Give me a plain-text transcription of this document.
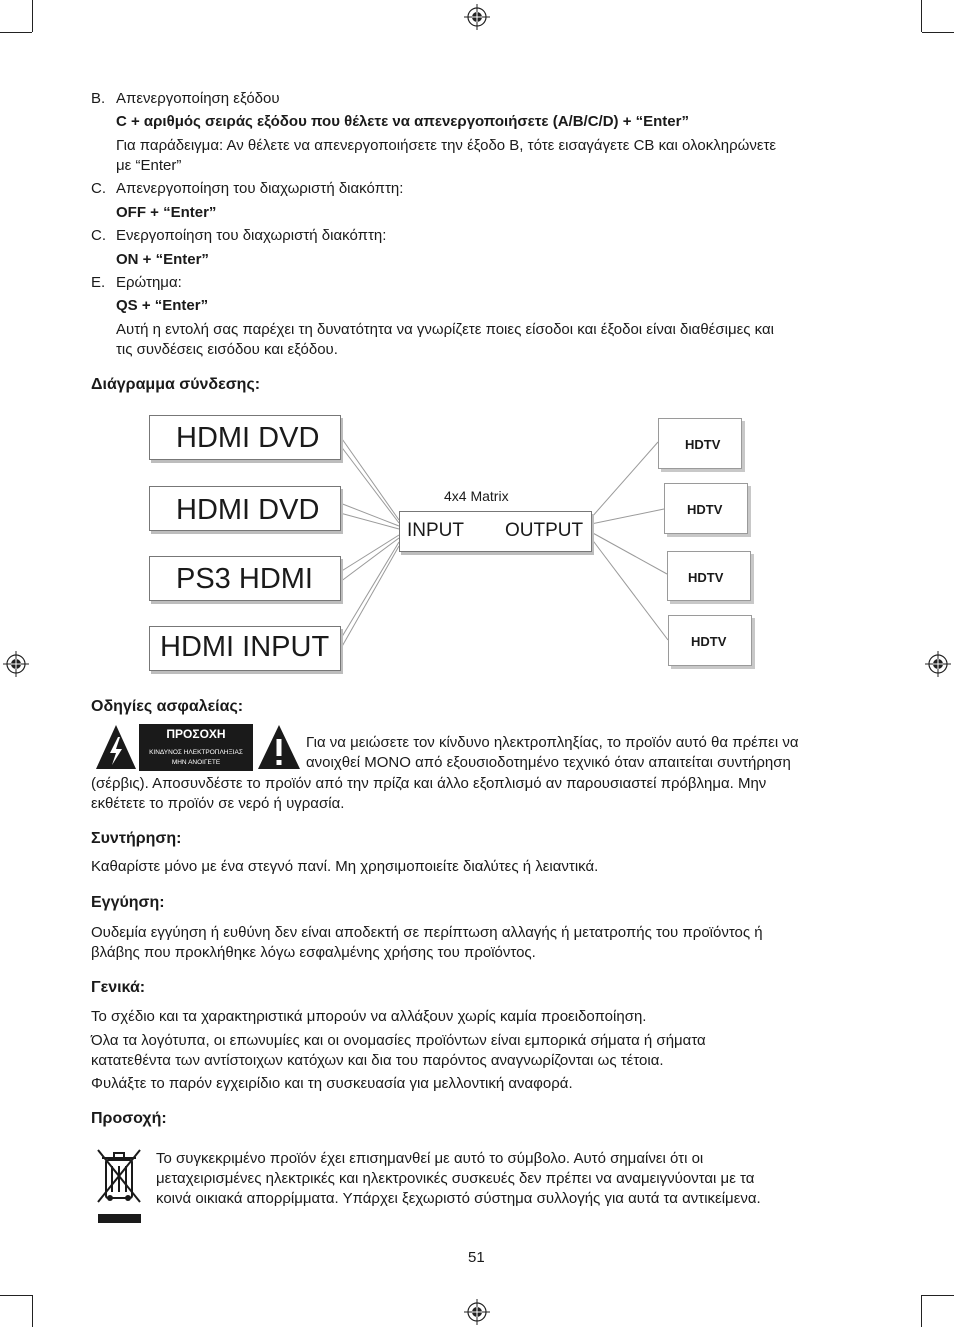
B. Απενεργοποίηση εξόδου
C + αριθμός σειράς εξόδου που θέλετε να απενεργοποιήσετε (A/B/C/D) + “Enter”
Για παράδειγμα: Αν θέλετε να απενεργοποιήσετε την έξοδο B, τότε εισαγάγετε CB και ολοκληρώνετε
με “Enter”
C. Απενεργοποίηση του διαχωριστή διακόπτη:
OFF + “Enter”
C. Ενεργοποίηση του διαχωριστή διακόπτη:
ON + “Enter”
E. Ερώτημα:
QS + “Enter”
Αυτή η εντολή σας παρέχει τη δυνατότητα να γνωρίζετε ποιες είσοδοι και έξοδοι είναι διαθέσιμες και
τις συνδέσεις εισόδου και εξόδου.
Διάγραμμα σύνδεσης:
HDMI DVD
HDMI DVD
PS3 HDMI
HDMI INPUT
4x4 Matrix
INPUT OUTPUT
HDTV
HDTV
HDTV
HDTV
Οδηγίες ασφαλείας:
ΠΡΟΣΟΧΗ
ΚΙΝΔΥΝΟΣ ΗΛΕΚΤΡΟΠΛΗΞΙΑΣ
ΜΗΝ ΑΝΟΙΓΕΤΕ
Για να μειώσετε τον κίνδυνο ηλεκτροπληξίας, το προϊόν αυτό θα πρέπει να
ανοιχθεί ΜΟΝΟ από εξουσιοδοτημένο τεχνικό όταν απαιτείται συντήρηση
(σέρβις). Αποσυνδέστε το προϊόν από την πρίζα και άλλο εξοπλισμό αν παρουσιαστεί πρόβλημα. Μην
εκθέτετε το προϊόν σε νερό ή υγρασία.
Συντήρηση:
Καθαρίστε μόνο με ένα στεγνό πανί. Μη χρησιμοποιείτε διαλύτες ή λειαντικά.
Εγγύηση:
Ουδεμία εγγύηση ή ευθύνη δεν είναι αποδεκτή σε περίπτωση αλλαγής ή μετατροπής του προϊόντος ή
βλάβης που προκλήθηκε λόγω εσφαλμένης χρήσης του προϊόντος.
Γενικά:
Το σχέδιο και τα χαρακτηριστικά μπορούν να αλλάξουν χωρίς καμία προειδοποίηση.
Όλα τα λογότυπα, οι επωνυμίες και οι ονομασίες προϊόντων είναι εμπορικά σήματα ή σήματα
κατατεθέντα των αντίστοιχων κατόχων και δια του παρόντος αναγνωρίζονται ως τέτοια.
Φυλάξτε το παρόν εγχειρίδιο και τη συσκευασία για μελλοντική αναφορά.
Προσοχή:
Το συγκεκριμένο προϊόν έχει επισημανθεί με αυτό το σύμβολο. Αυτό σημαίνει ότι οι
μεταχειρισμένες ηλεκτρικές και ηλεκτρονικές συσκευές δεν πρέπει να αναμειγνύονται με τα
κοινά οικιακά απορρίμματα. Υπάρχει ξεχωριστό σύστημα συλλογής για αυτά τα αντικείμενα.
51
